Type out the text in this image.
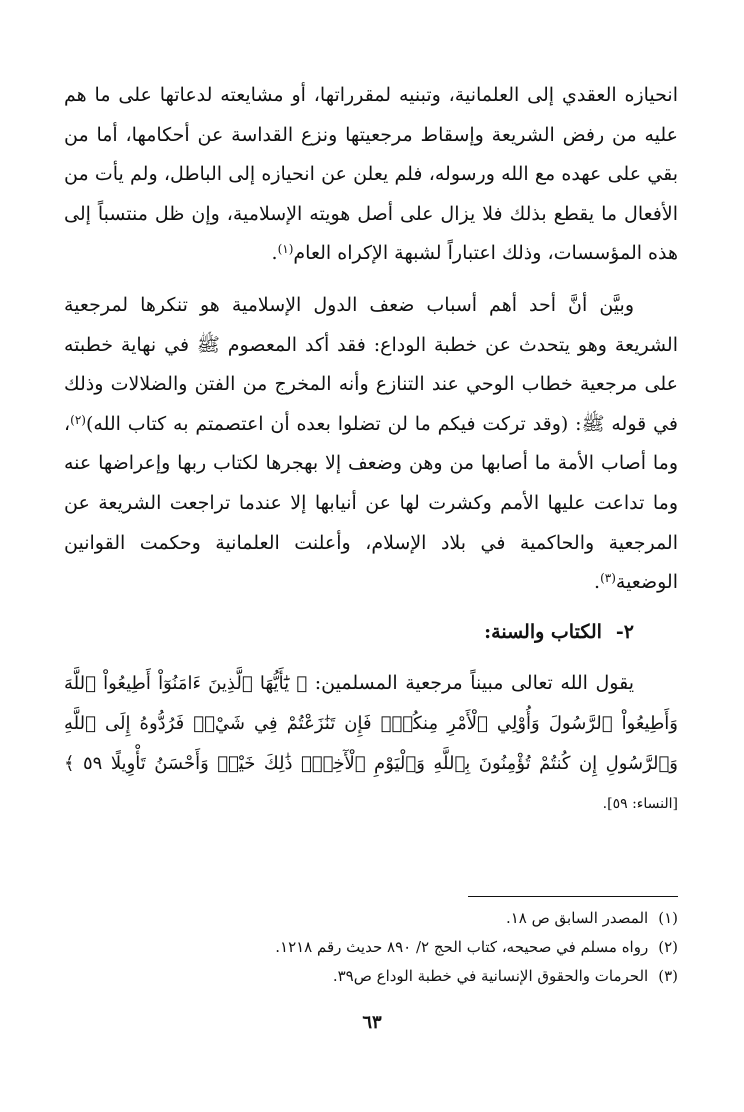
انحيازه العقدي إلى العلمانية، وتبنيه لمقرراتها، أو مشايعته لدعاتها على ما هم عليه من رفض الشريعة وإسقاط مرجعيتها ونزع القداسة عن أحكامها، أما من بقي على عهده مع الله ورسوله، فلم يعلن عن انحيازه إلى الباطل، ولم يأت من الأفعال ما يقطع بذلك فلا يزال على أصل هويته الإسلامية، وإن ظل منتسباً إلى هذه المؤسسات، وذلك اعتباراً لشبهة الإكراه العام$^{(١)}$.

وبيَّن أنَّ أحد أهم أسباب ضعف الدول الإسلامية هو تنكرها لمرجعية الشريعة وهو يتحدث عن خطبة الوداع: فقد أكد المعصوم ﷺ في نهاية خطبته على مرجعية خطاب الوحي عند التنازع وأنه المخرج من الفتن والضلالات وذلك في قوله ﷺ: (وقد تركت فيكم ما لن تضلوا بعده أن اعتصمتم به كتاب الله)$^{(٢)}$، وما أصاب الأمة ما أصابها من وهن وضعف إلا بهجرها لكتاب ربها وإعراضها عنه وما تداعت عليها الأمم وكشرت لها عن أنيابها إلا عندما تراجعت الشريعة عن المرجعية والحاكمية في بلاد الإسلام، وأعلنت العلمانية وحكمت القوانين الوضعية$^{(٣)}$.

٢-الكتاب والسنة:

يقول الله تعالى مبيناً مرجعية المسلمين: ﴿ يَٰٓأَيُّهَا ٱلَّذِينَ ءَامَنُوٓاْ أَطِيعُواْ ٱللَّهَ وَأَطِيعُواْ ٱلرَّسُولَ وَأُوْلِي ٱلْأَمْرِ مِنكُمْۖ فَإِن تَنَٰزَعْتُمْ فِي شَيْءٖ فَرُدُّوهُ إِلَى ٱللَّهِ وَٱلرَّسُولِ إِن كُنتُمْ تُؤْمِنُونَ بِٱللَّهِ وَٱلْيَوْمِ ٱلْأٓخِرِۚ ذَٰلِكَ خَيْرٞ وَأَحْسَنُ تَأْوِيلًا ٥٩ ﴾ [النساء: ٥٩].

(١)المصدر السابق ص ١٨.

(٢)رواه مسلم في صحيحه، كتاب الحج ٢/ ٨٩٠ حديث رقم ١٢١٨.

(٣)الحرمات والحقوق الإنسانية في خطبة الوداع ص٣٩.

٦٣
